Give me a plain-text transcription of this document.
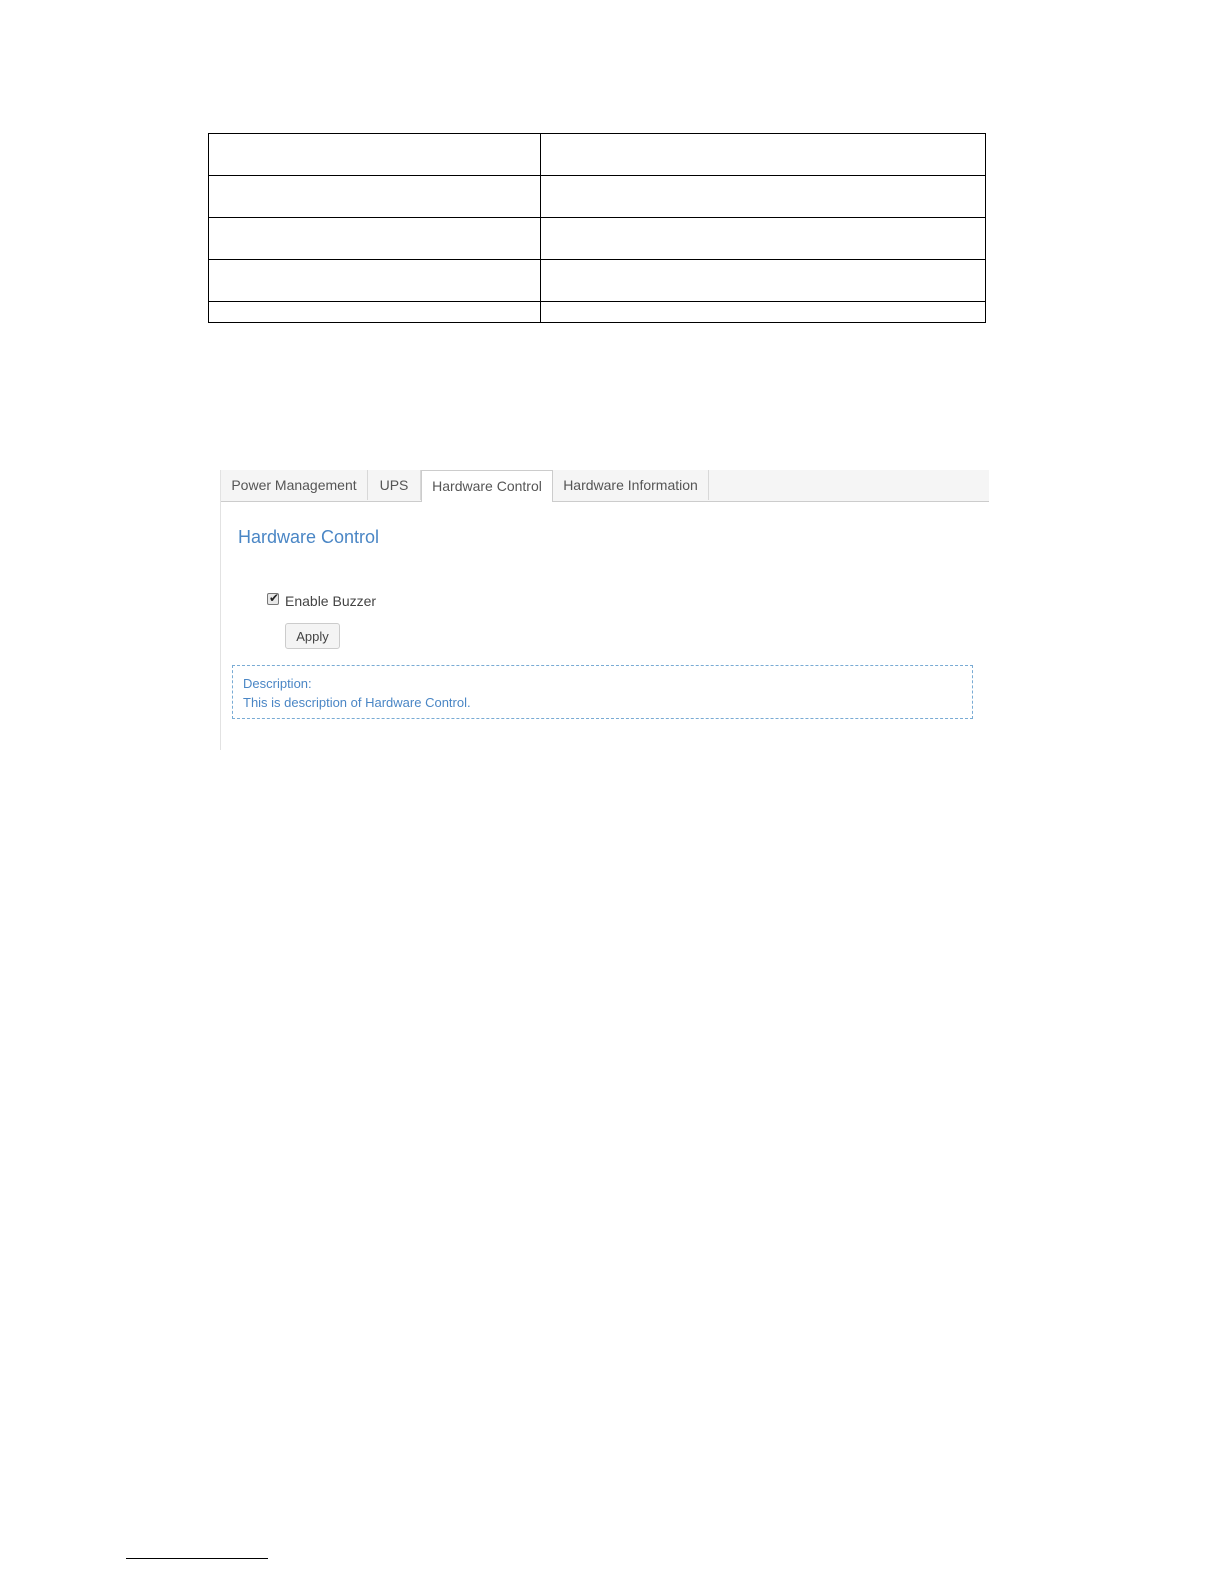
Power Management	UPS	Hardware Control	Hardware Information
Hardware Control
✔ Enable Buzzer
Apply
Description:
This is description of Hardware Control.
